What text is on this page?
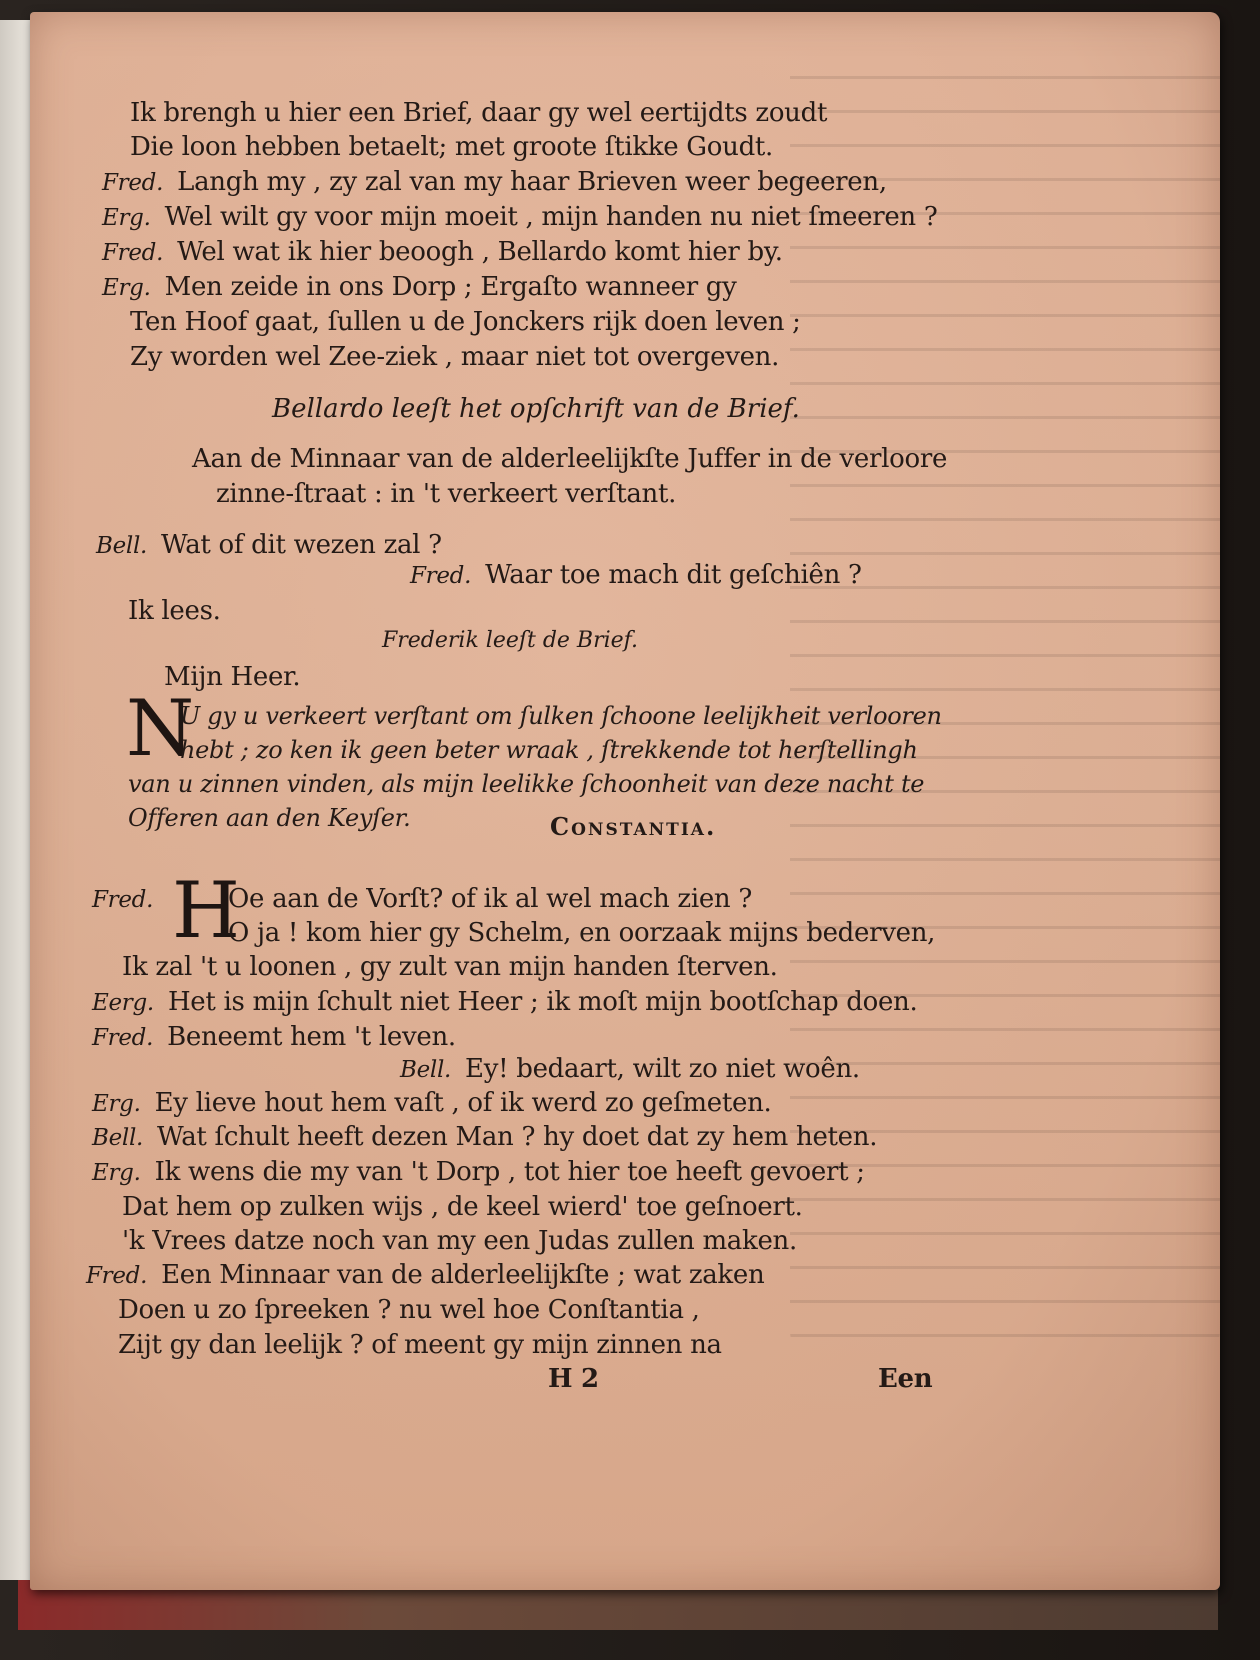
Ik brengh u hier een Brief, daar gy wel eertijdts zoudt
Die loon hebben betaelt; met groote ſtikke Goudt.
Fred. Langh my , zy zal van my haar Brieven weer begeeren,
Erg. Wel wilt gy voor mijn moeit , mijn handen nu niet ſmeeren ?
Fred. Wel wat ik hier beoogh , Bellardo komt hier by.
Erg. Men zeide in ons Dorp ; Ergaſto wanneer gy
Ten Hoof gaat, ſullen u de Jonckers rijk doen leven ;
Zy worden wel Zee-ziek , maar niet tot overgeven.
Bellardo leeſt het opſchrift van de Brief.
Aan de Minnaar van de alderleelijkſte Juffer in de verloore
zinne-ſtraat : in 't verkeert verſtant.
Bell. Wat of dit wezen zal ?
Fred. Waar toe mach dit geſchiên ?
Ik lees.
Frederik leeſt de Brief.
Mijn Heer.
N
U gy u verkeert verſtant om ſulken ſchoone leelijkheit verlooren
hebt ; zo ken ik geen beter wraak , ſtrekkende tot herſtellingh
van u zinnen vinden, als mijn leelikke ſchoonheit van deze nacht te
Offeren aan den Keyſer.	Constantia.
Fred. H
Oe aan de Vorſt? of ik al wel mach zien ?
O ja ! kom hier gy Schelm, en oorzaak mijns bederven,
Ik zal 't u loonen , gy zult van mijn handen ſterven.
Eerg. Het is mijn ſchult niet Heer ; ik moſt mijn bootſchap doen.
Fred. Beneemt hem 't leven.
Bell. Ey! bedaart, wilt zo niet woên.
Erg. Ey lieve hout hem vaſt , of ik werd zo geſmeten.
Bell. Wat ſchult heeft dezen Man ? hy doet dat zy hem heten.
Erg. Ik wens die my van 't Dorp , tot hier toe heeft gevoert ;
Dat hem op zulken wijs , de keel wierd' toe geſnoert.
'k Vrees datze noch van my een Judas zullen maken.
Fred. Een Minnaar van de alderleelijkſte ; wat zaken
Doen u zo ſpreeken ? nu wel hoe Conſtantia ,
Zijt gy dan leelijk ? of meent gy mijn zinnen na
H 2	Een
